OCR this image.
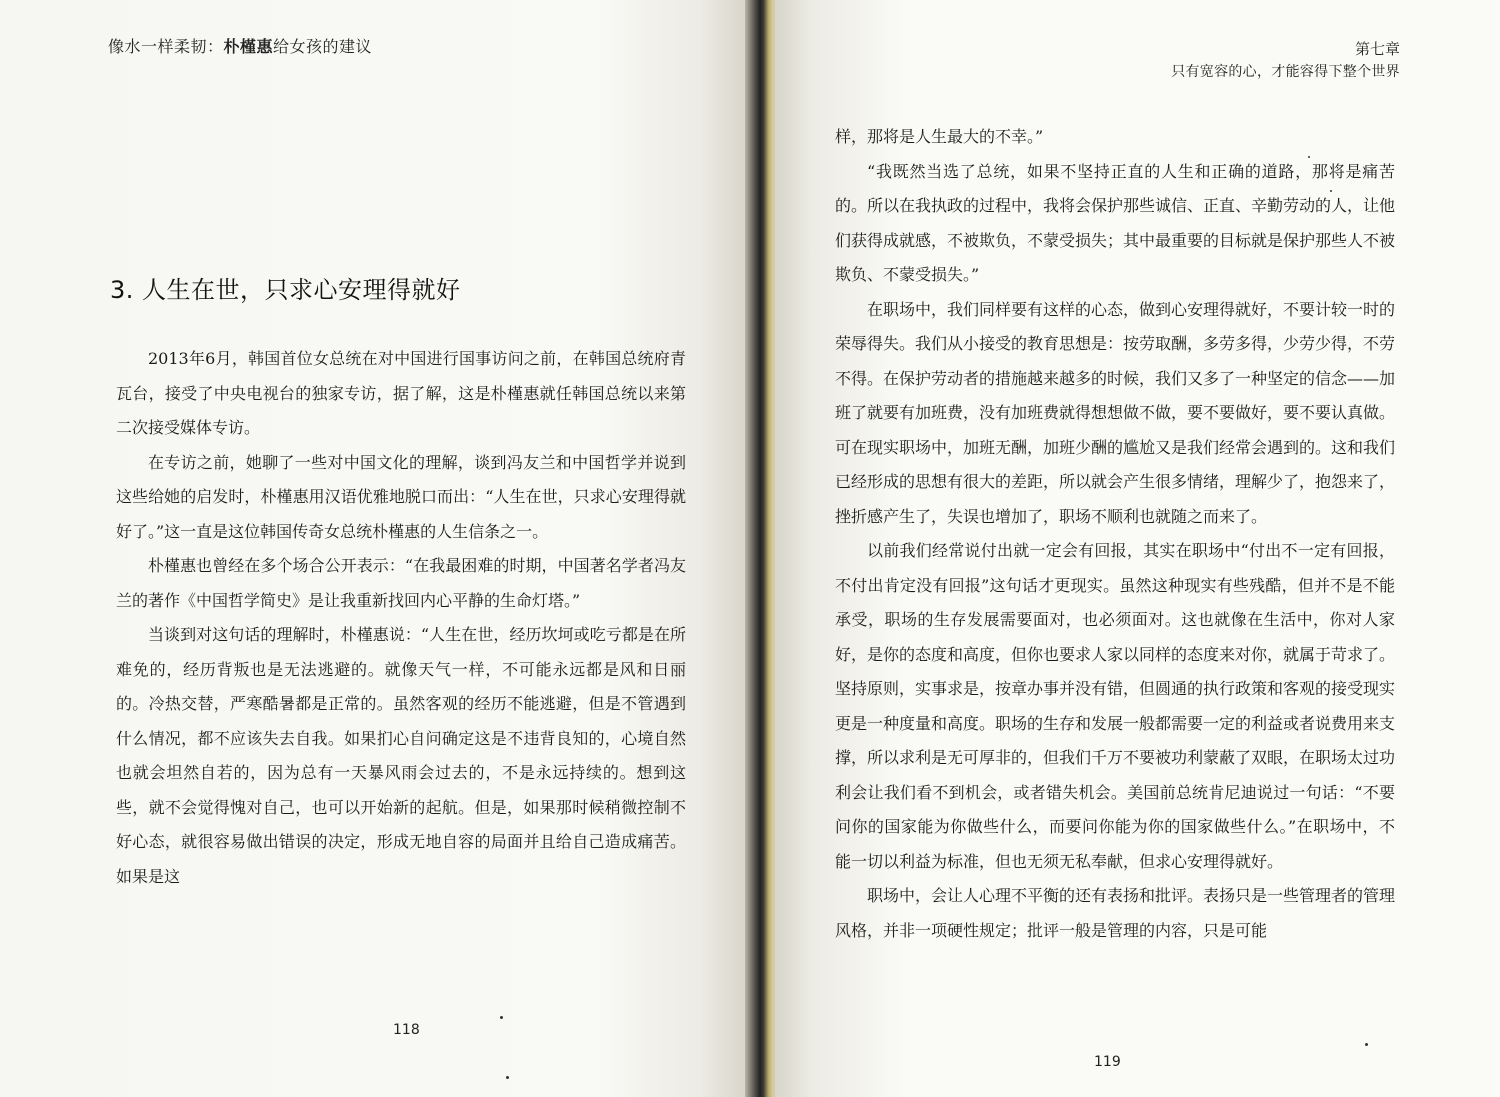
像水一样柔韧：朴槿惠给女孩的建议
3. 人生在世，只求心安理得就好

2013年6月，韩国首位女总统在对中国进行国事访问之前，在韩国总统府青瓦台，接受了中央电视台的独家专访，据了解，这是朴槿惠就任韩国总统以来第二次接受媒体专访。

在专访之前，她聊了一些对中国文化的理解，谈到冯友兰和中国哲学并说到这些给她的启发时，朴槿惠用汉语优雅地脱口而出：“人生在世，只求心安理得就好了。”这一直是这位韩国传奇女总统朴槿惠的人生信条之一。

朴槿惠也曾经在多个场合公开表示：“在我最困难的时期，中国著名学者冯友兰的著作《中国哲学简史》是让我重新找回内心平静的生命灯塔。”

当谈到对这句话的理解时，朴槿惠说：“人生在世，经历坎坷或吃亏都是在所难免的，经历背叛也是无法逃避的。就像天气一样，不可能永远都是风和日丽的。冷热交替，严寒酷暑都是正常的。虽然客观的经历不能逃避，但是不管遇到什么情况，都不应该失去自我。如果扪心自问确定这是不违背良知的，心境自然也就会坦然自若的，因为总有一天暴风雨会过去的，不是永远持续的。想到这些，就不会觉得愧对自己，也可以开始新的起航。但是，如果那时候稍微控制不好心态，就很容易做出错误的决定，形成无地自容的局面并且给自己造成痛苦。如果是这

118
第七章
只有宽容的心，才能容得下整个世界

样，那将是人生最大的不幸。”

“我既然当选了总统，如果不坚持正直的人生和正确的道路，那将是痛苦的。所以在我执政的过程中，我将会保护那些诚信、正直、辛勤劳动的人，让他们获得成就感，不被欺负，不蒙受损失；其中最重要的目标就是保护那些人不被欺负、不蒙受损失。”

在职场中，我们同样要有这样的心态，做到心安理得就好，不要计较一时的荣辱得失。我们从小接受的教育思想是：按劳取酬，多劳多得，少劳少得，不劳不得。在保护劳动者的措施越来越多的时候，我们又多了一种坚定的信念——加班了就要有加班费，没有加班费就得想想做不做，要不要做好，要不要认真做。可在现实职场中，加班无酬，加班少酬的尴尬又是我们经常会遇到的。这和我们已经形成的思想有很大的差距，所以就会产生很多情绪，理解少了，抱怨来了，挫折感产生了，失误也增加了，职场不顺利也就随之而来了。

以前我们经常说付出就一定会有回报，其实在职场中“付出不一定有回报，不付出肯定没有回报”这句话才更现实。虽然这种现实有些残酷，但并不是不能承受，职场的生存发展需要面对，也必须面对。这也就像在生活中，你对人家好，是你的态度和高度，但你也要求人家以同样的态度来对你，就属于苛求了。坚持原则，实事求是，按章办事并没有错，但圆通的执行政策和客观的接受现实更是一种度量和高度。职场的生存和发展一般都需要一定的利益或者说费用来支撑，所以求利是无可厚非的，但我们千万不要被功利蒙蔽了双眼，在职场太过功利会让我们看不到机会，或者错失机会。美国前总统肯尼迪说过一句话：“不要问你的国家能为你做些什么，而要问你能为你的国家做些什么。”在职场中，不能一切以利益为标准，但也无须无私奉献，但求心安理得就好。

职场中，会让人心理不平衡的还有表扬和批评。表扬只是一些管理者的管理风格，并非一项硬性规定；批评一般是管理的内容，只是可能

119
